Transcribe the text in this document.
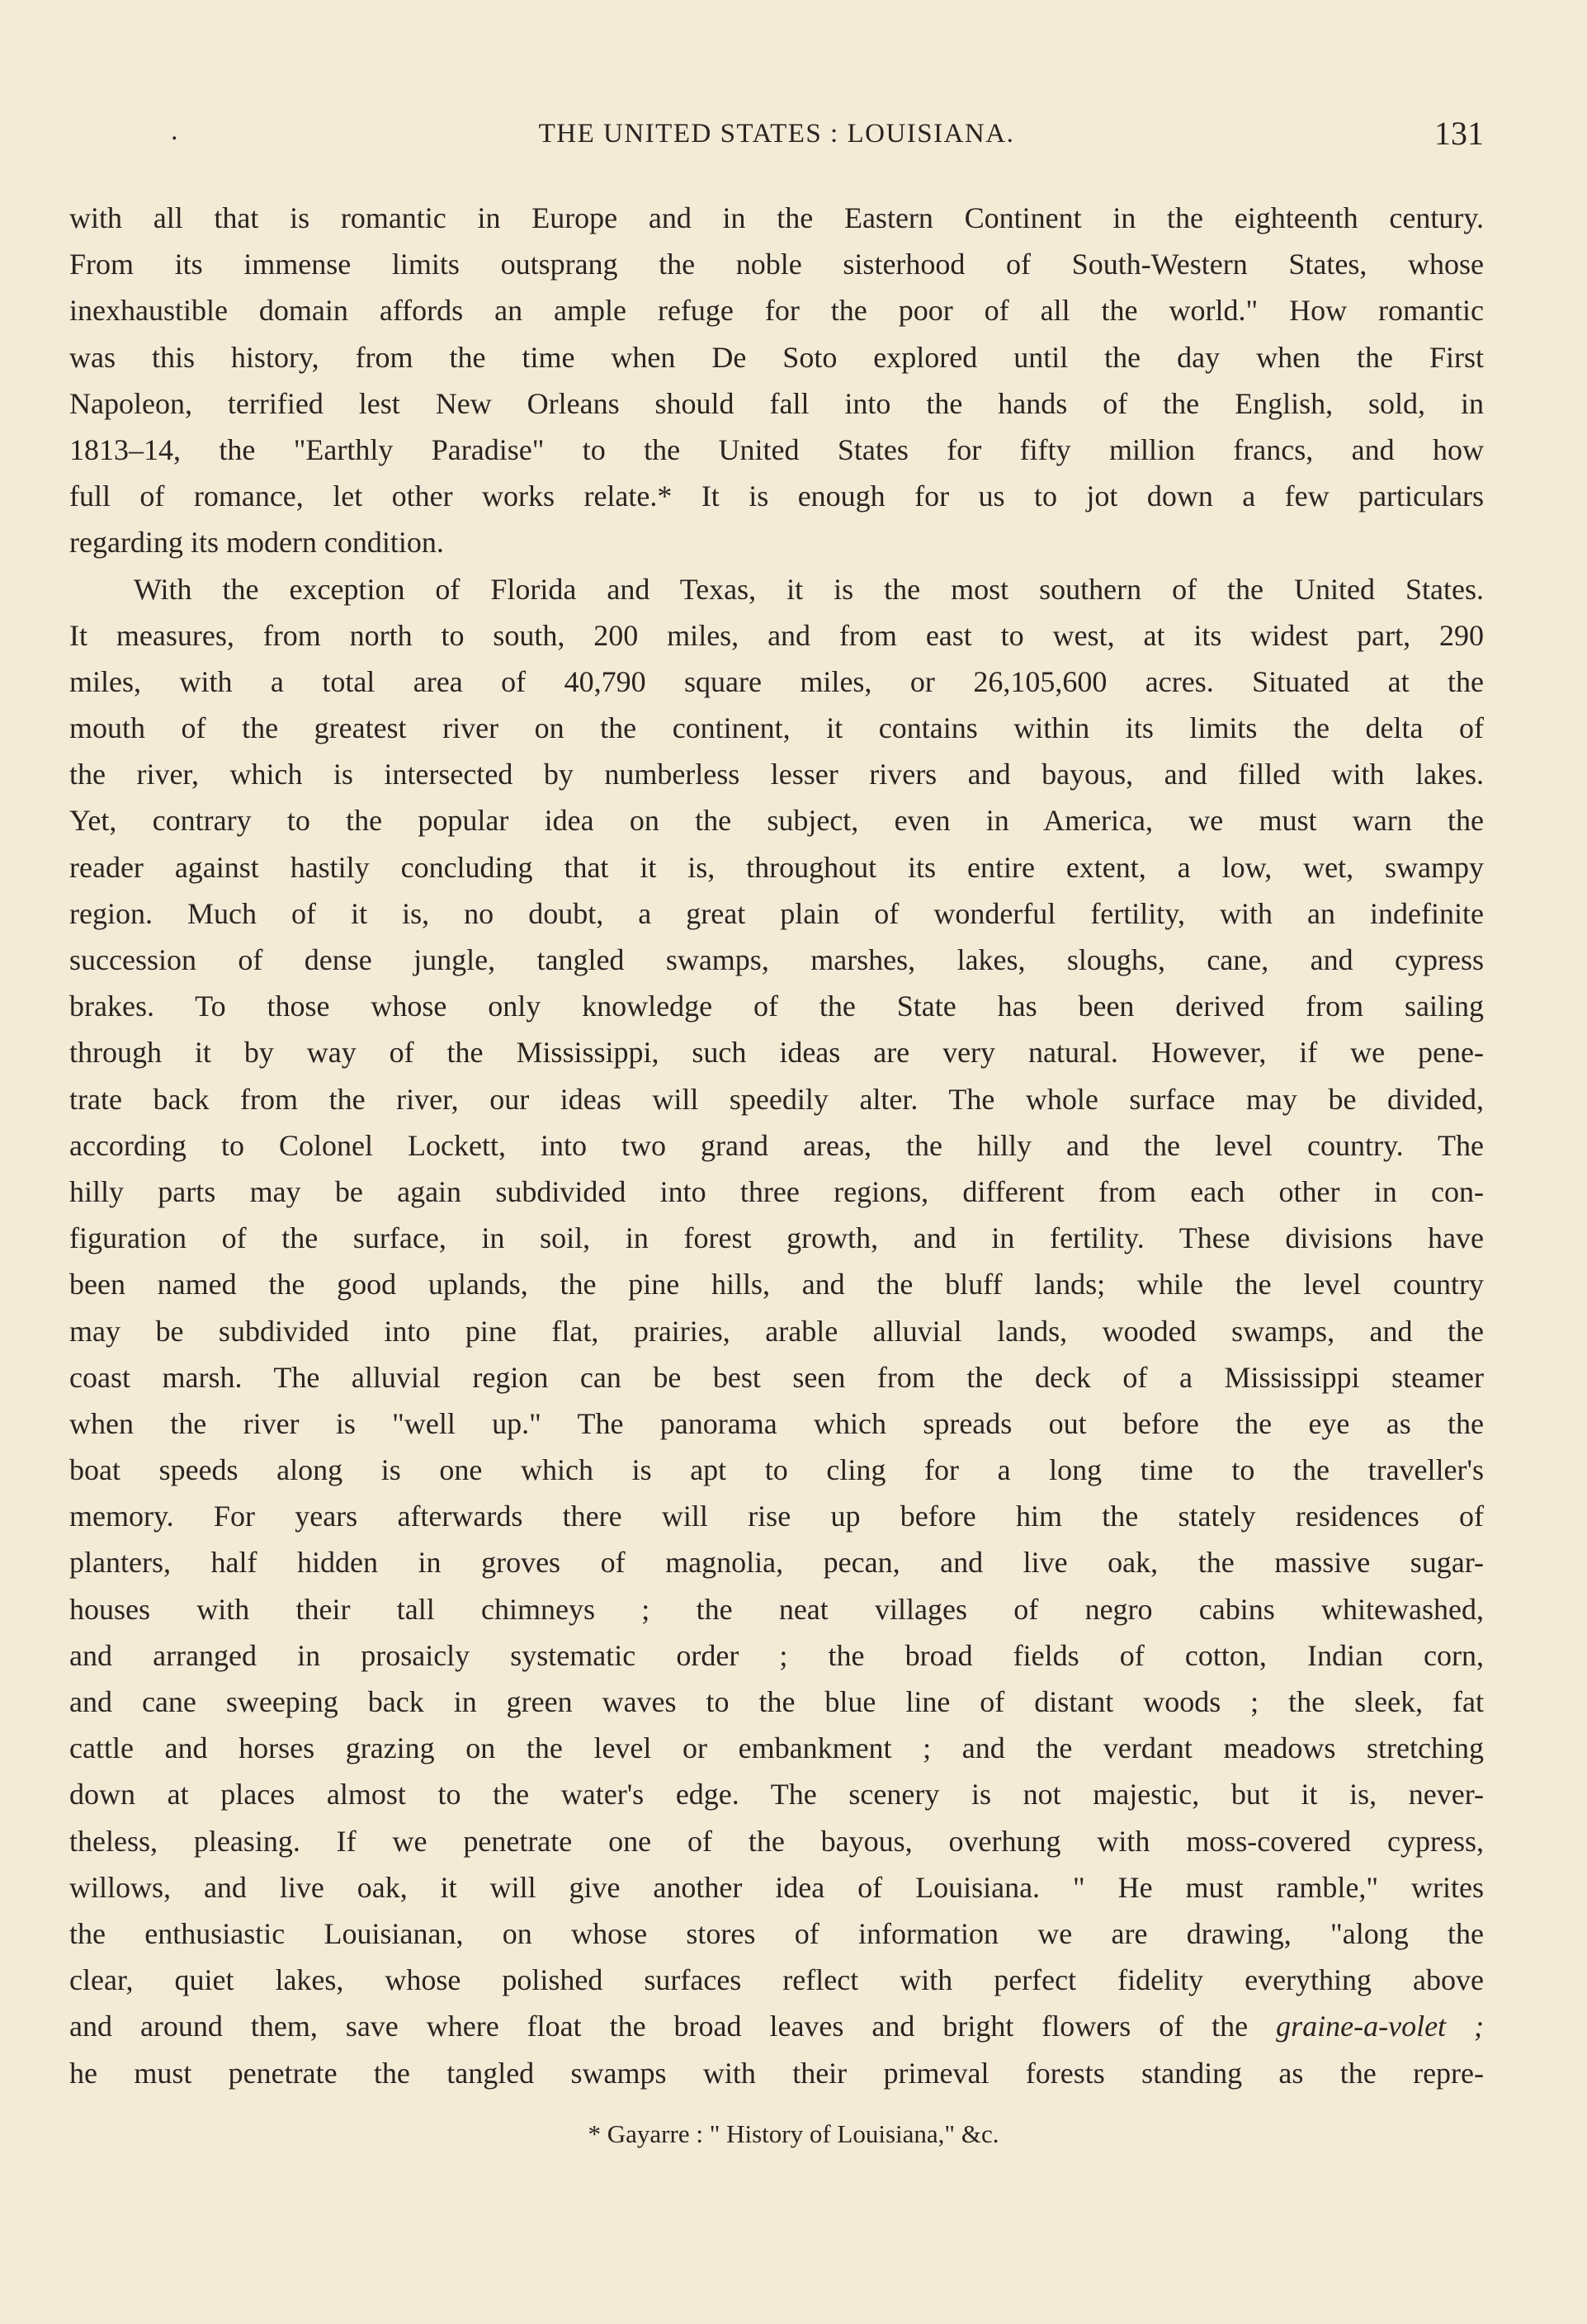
.	THE UNITED STATES : LOUISIANA.	131
with all that is romantic in Europe and in the Eastern Continent in the eighteenth century.
From its immense limits outsprang the noble sisterhood of South-Western States, whose
inexhaustible domain affords an ample refuge for the poor of all the world." How romantic
was this history, from the time when De Soto explored until the day when the First
Napoleon, terrified lest New Orleans should fall into the hands of the English, sold, in
1813–14, the "Earthly Paradise" to the United States for fifty million francs, and how
full of romance, let other works relate.* It is enough for us to jot down a few particulars
regarding its modern condition.
With the exception of Florida and Texas, it is the most southern of the United States.
It measures, from north to south, 200 miles, and from east to west, at its widest part, 290
miles, with a total area of 40,790 square miles, or 26,105,600 acres. Situated at the
mouth of the greatest river on the continent, it contains within its limits the delta of
the river, which is intersected by numberless lesser rivers and bayous, and filled with lakes.
Yet, contrary to the popular idea on the subject, even in America, we must warn the
reader against hastily concluding that it is, throughout its entire extent, a low, wet, swampy
region. Much of it is, no doubt, a great plain of wonderful fertility, with an indefinite
succession of dense jungle, tangled swamps, marshes, lakes, sloughs, cane, and cypress
brakes. To those whose only knowledge of the State has been derived from sailing
through it by way of the Mississippi, such ideas are very natural. However, if we pene-
trate back from the river, our ideas will speedily alter. The whole surface may be divided,
according to Colonel Lockett, into two grand areas, the hilly and the level country. The
hilly parts may be again subdivided into three regions, different from each other in con-
figuration of the surface, in soil, in forest growth, and in fertility. These divisions have
been named the good uplands, the pine hills, and the bluff lands; while the level country
may be subdivided into pine flat, prairies, arable alluvial lands, wooded swamps, and the
coast marsh. The alluvial region can be best seen from the deck of a Mississippi steamer
when the river is "well up." The panorama which spreads out before the eye as the
boat speeds along is one which is apt to cling for a long time to the traveller's
memory. For years afterwards there will rise up before him the stately residences of
planters, half hidden in groves of magnolia, pecan, and live oak, the massive sugar-
houses with their tall chimneys ; the neat villages of negro cabins whitewashed,
and arranged in prosaicly systematic order ; the broad fields of cotton, Indian corn,
and cane sweeping back in green waves to the blue line of distant woods ; the sleek, fat
cattle and horses grazing on the level or embankment ; and the verdant meadows stretching
down at places almost to the water's edge. The scenery is not majestic, but it is, never-
theless, pleasing. If we penetrate one of the bayous, overhung with moss-covered cypress,
willows, and live oak, it will give another idea of Louisiana. " He must ramble," writes
the enthusiastic Louisianan, on whose stores of information we are drawing, "along the
clear, quiet lakes, whose polished surfaces reflect with perfect fidelity everything above
and around them, save where float the broad leaves and bright flowers of the graine-a-volet ;
he must penetrate the tangled swamps with their primeval forests standing as the repre-
* Gayarre : " History of Louisiana," &c.
